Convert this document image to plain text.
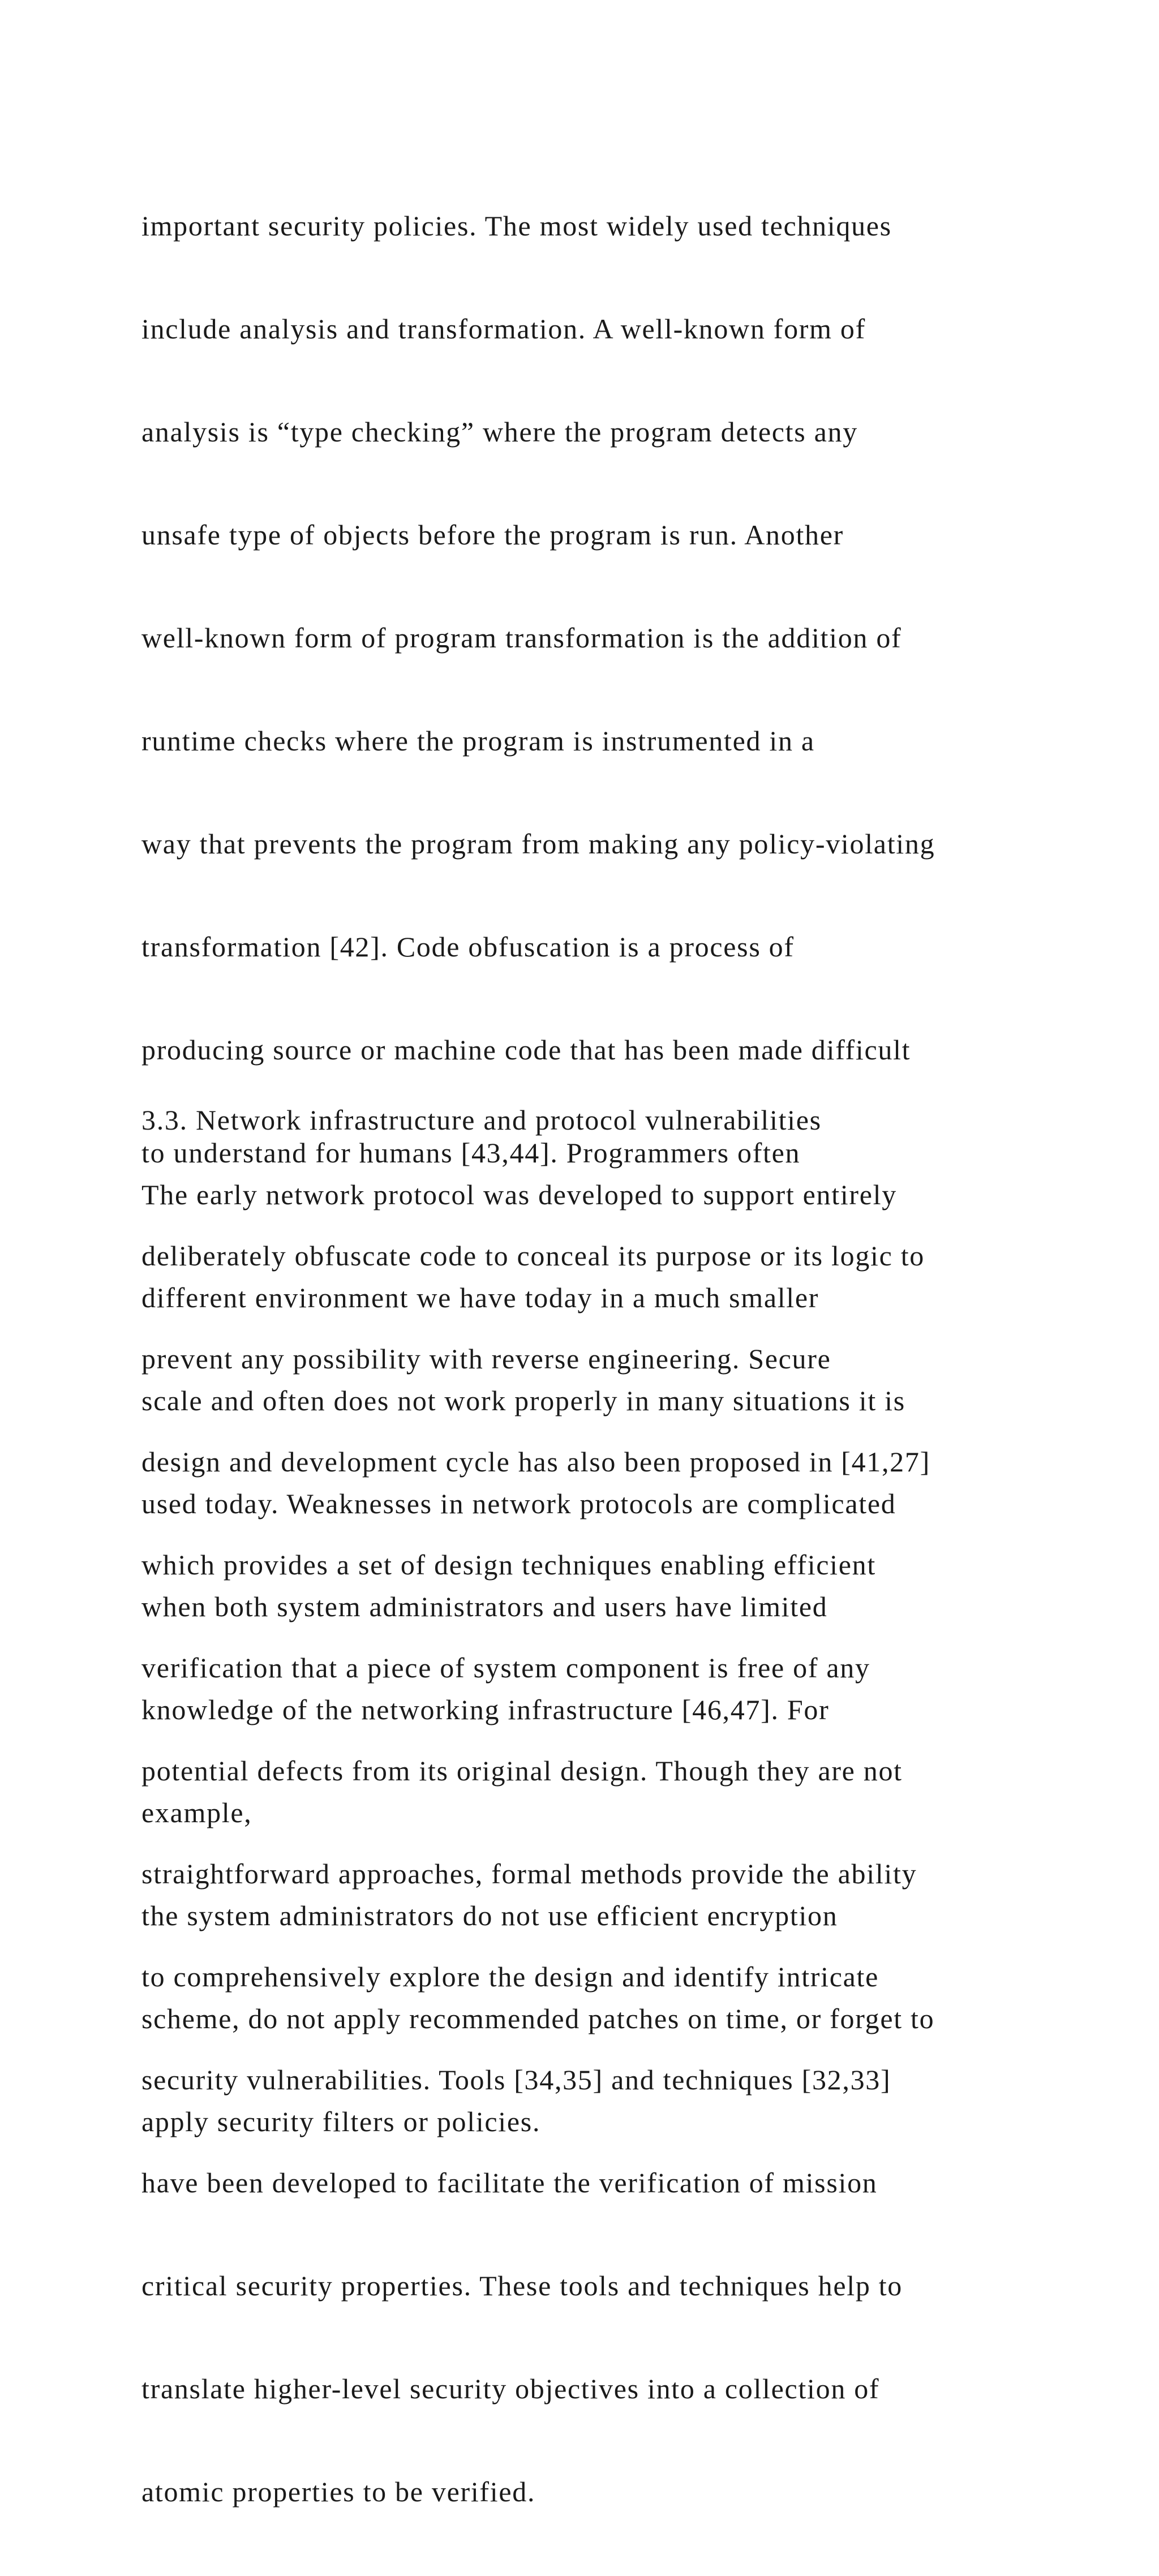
important security policies. The most widely used techniques

include analysis and transformation. A well-known form of

analysis is “type checking” where the program detects any

unsafe type of objects before the program is run. Another

well-known form of program transformation is the addition of

runtime checks where the program is instrumented in a

way that prevents the program from making any policy-violating

transformation [42]. Code obfuscation is a process of

producing source or machine code that has been made difficult

to understand for humans [43,44]. Programmers often

deliberately obfuscate code to conceal its purpose or its logic to

prevent any possibility with reverse engineering. Secure

design and development cycle has also been proposed in [41,27]

which provides a set of design techniques enabling efficient

verification that a piece of system component is free of any

potential defects from its original design. Though they are not

straightforward approaches, formal methods provide the ability

to comprehensively explore the design and identify intricate

security vulnerabilities. Tools [34,35] and techniques [32,33]

have been developed to facilitate the verification of mission

critical security properties. These tools and techniques help to

translate higher-level security objectives into a collection of

atomic properties to be verified.

3.3. Network infrastructure and protocol vulnerabilities

The early network protocol was developed to support entirely

different environment we have today in a much smaller

scale and often does not work properly in many situations it is

used today. Weaknesses in network protocols are complicated

when both system administrators and users have limited

knowledge of the networking infrastructure [46,47]. For

example,

the system administrators do not use efficient encryption

scheme, do not apply recommended patches on time, or forget to

apply security filters or policies.
